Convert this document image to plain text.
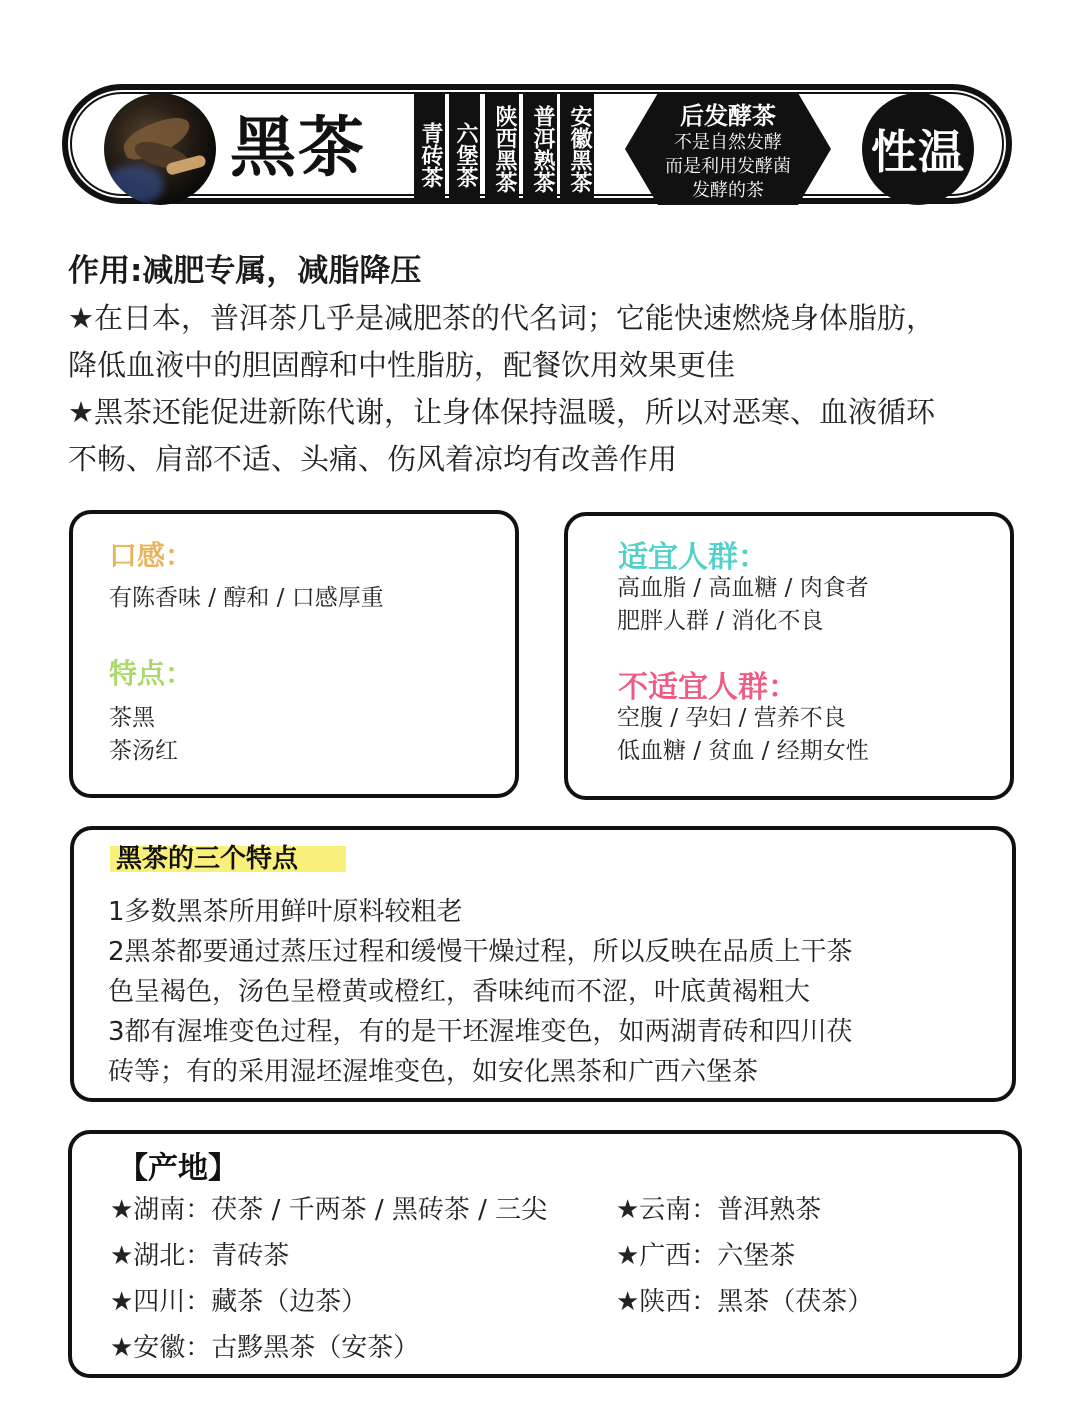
黑茶 青砖茶 六堡茶 陕西黑茶 普洱熟茶 安徽黑茶	后发酵茶
不是自然发酵
而是利用发酵菌
发酵的茶
性温
作用:减肥专属，减脂降压
★在日本，普洱茶几乎是减肥茶的代名词；它能快速燃烧身体脂肪，
降低血液中的胆固醇和中性脂肪，配餐饮用效果更佳
★黑茶还能促进新陈代谢，让身体保持温暖，所以对恶寒、血液循环
不畅、肩部不适、头痛、伤风着凉均有改善作用
口感：
有陈香味 / 醇和 / 口感厚重
特点：
茶黑
茶汤红
适宜人群：
高血脂 / 高血糖 / 肉食者
肥胖人群 / 消化不良
不适宜人群：
空腹 / 孕妇 / 营养不良
低血糖 / 贫血 / 经期女性
黑茶的三个特点
1多数黑茶所用鲜叶原料较粗老
2黑茶都要通过蒸压过程和缓慢干燥过程，所以反映在品质上干茶
色呈褐色，汤色呈橙黄或橙红，香味纯而不涩，叶底黄褐粗大
3都有渥堆变色过程，有的是干坯渥堆变色，如两湖青砖和四川茯
砖等；有的采用湿坯渥堆变色，如安化黑茶和广西六堡茶
【产地】
★湖南：茯茶 / 千两茶 / 黑砖茶 / 三尖
★湖北：青砖茶
★四川：藏茶（边茶）
★安徽：古黟黑茶（安茶）
★云南：普洱熟茶
★广西：六堡茶
★陕西：黑茶（茯茶）
